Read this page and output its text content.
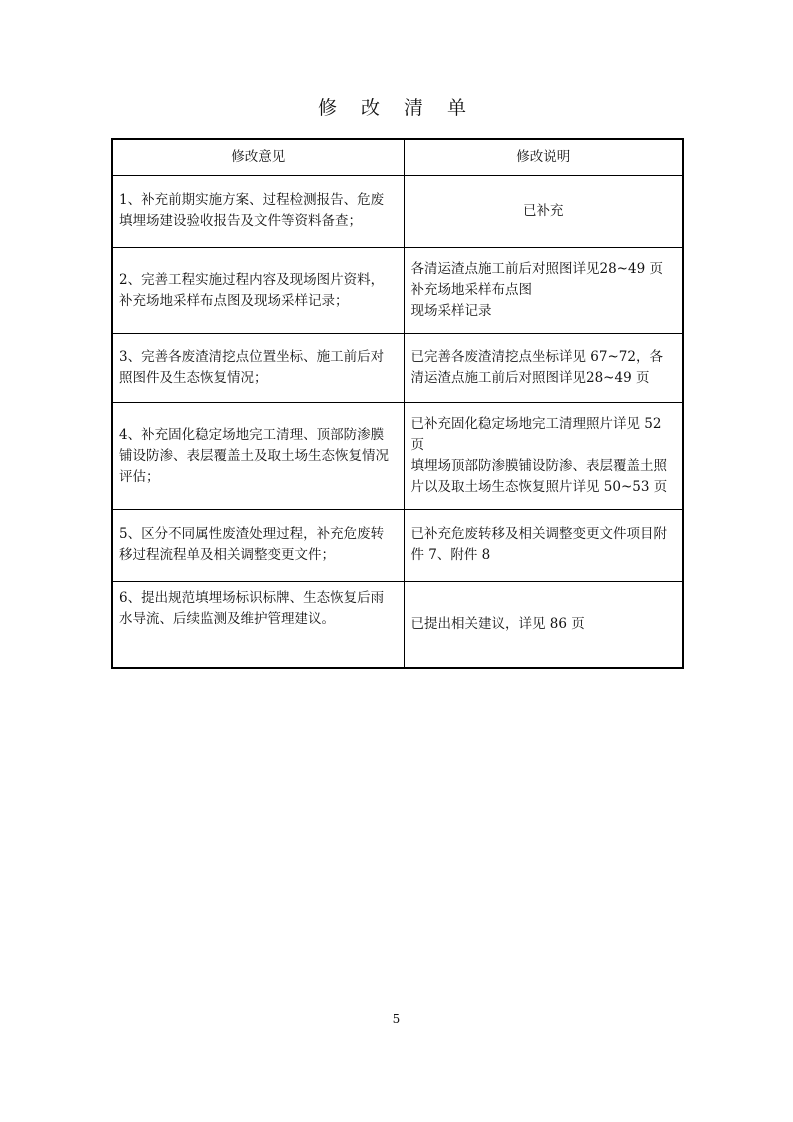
修 改 清 单
修改意见	修改说明
1、补充前期实施方案、过程检测报告、危废填埋场建设验收报告及文件等资料备查；	已补充

2、完善工程实施过程内容及现场图片资料，补充场地采样布点图及现场采样记录；	各清运渣点施工前后对照图详见28~49 页
补充场地采样布点图
现场采样记录

3、完善各废渣清挖点位置坐标、施工前后对照图件及生态恢复情况；	已完善各废渣清挖点坐标详见 67~72，各清运渣点施工前后对照图详见28~49 页

4、补充固化稳定场地完工清理、顶部防渗膜铺设防渗、表层覆盖土及取土场生态恢复情况评估；	已补充固化稳定场地完工清理照片详见 52 页
填埋场顶部防渗膜铺设防渗、表层覆盖土照片以及取土场生态恢复照片详见 50~53 页

5、区分不同属性废渣处理过程，补充危废转移过程流程单及相关调整变更文件；	已补充危废转移及相关调整变更文件项目附件 7、附件 8

6、提出规范填埋场标识标牌、生态恢复后雨水导流、后续监测及维护管理建议。	已提出相关建议，详见 86 页
5
